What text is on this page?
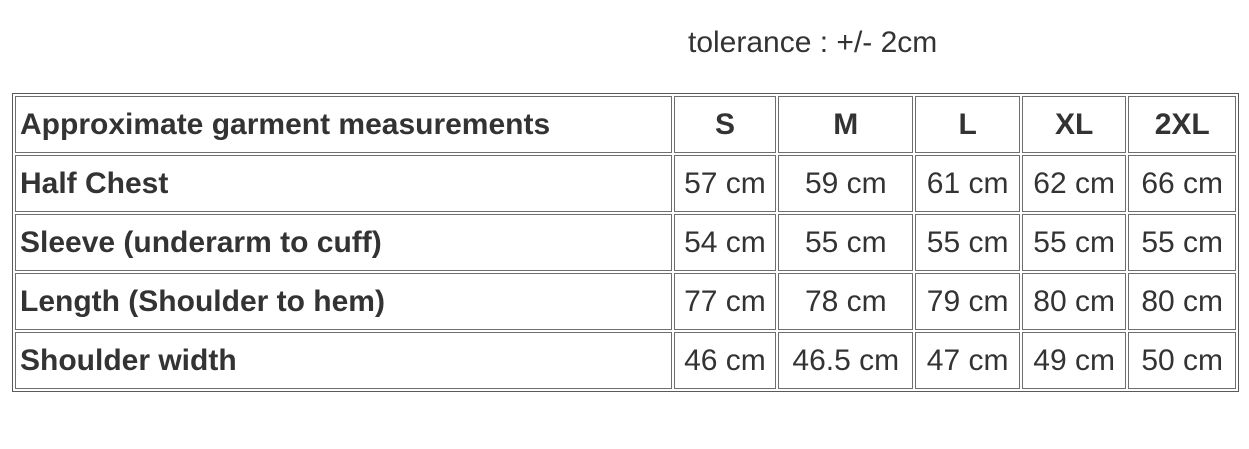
tolerance : +/- 2cm
Approximate garment measurements	S	M	L	XL	2XL
Half Chest	57 cm	59 cm	61 cm	62 cm	66 cm
Sleeve (underarm to cuff)	54 cm	55 cm	55 cm	55 cm	55 cm
Length (Shoulder to hem)	77 cm	78 cm	79 cm	80 cm	80 cm
Shoulder width	46 cm	46.5 cm	47 cm	49 cm	50 cm
